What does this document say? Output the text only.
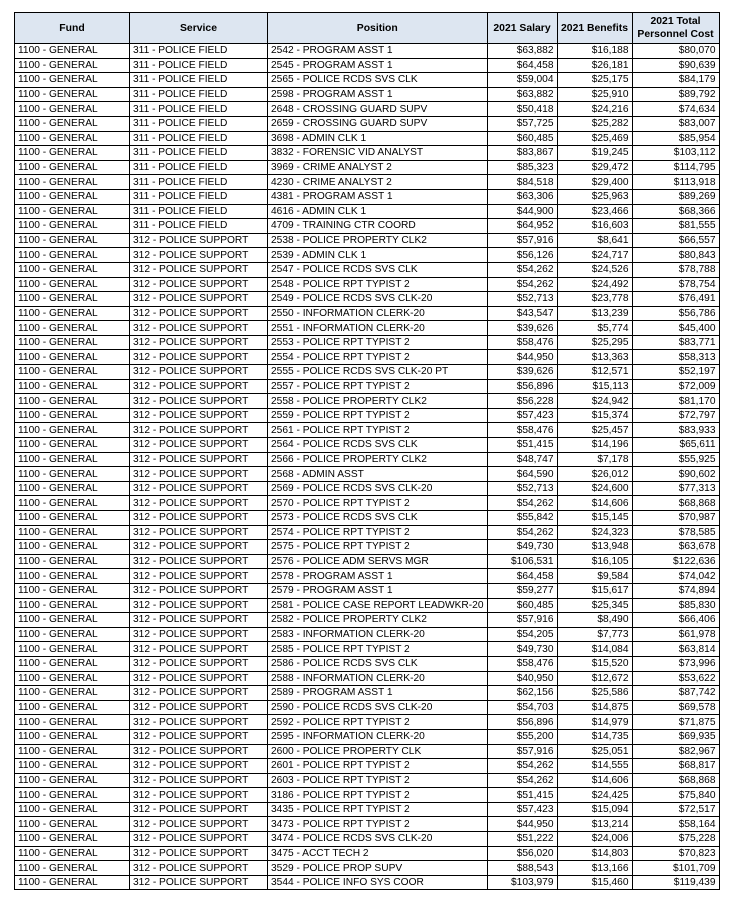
Fund	Service	Position	2021 Salary	2021 Benefits	2021 Total Personnel Cost
1100 - GENERAL	311 - POLICE FIELD	2542 - PROGRAM ASST 1	$63,882	$16,188	$80,070
1100 - GENERAL	311 - POLICE FIELD	2545 - PROGRAM ASST 1	$64,458	$26,181	$90,639
1100 - GENERAL	311 - POLICE FIELD	2565 - POLICE RCDS SVS CLK	$59,004	$25,175	$84,179
1100 - GENERAL	311 - POLICE FIELD	2598 - PROGRAM ASST 1	$63,882	$25,910	$89,792
1100 - GENERAL	311 - POLICE FIELD	2648 - CROSSING GUARD SUPV	$50,418	$24,216	$74,634
1100 - GENERAL	311 - POLICE FIELD	2659 - CROSSING GUARD SUPV	$57,725	$25,282	$83,007
1100 - GENERAL	311 - POLICE FIELD	3698 - ADMIN CLK 1	$60,485	$25,469	$85,954
1100 - GENERAL	311 - POLICE FIELD	3832 - FORENSIC VID ANALYST	$83,867	$19,245	$103,112
1100 - GENERAL	311 - POLICE FIELD	3969 - CRIME ANALYST 2	$85,323	$29,472	$114,795
1100 - GENERAL	311 - POLICE FIELD	4230 - CRIME ANALYST 2	$84,518	$29,400	$113,918
1100 - GENERAL	311 - POLICE FIELD	4381 - PROGRAM ASST 1	$63,306	$25,963	$89,269
1100 - GENERAL	311 - POLICE FIELD	4616 - ADMIN CLK 1	$44,900	$23,466	$68,366
1100 - GENERAL	311 - POLICE FIELD	4709 - TRAINING CTR COORD	$64,952	$16,603	$81,555
1100 - GENERAL	312 - POLICE SUPPORT	2538 - POLICE PROPERTY CLK2	$57,916	$8,641	$66,557
1100 - GENERAL	312 - POLICE SUPPORT	2539 - ADMIN CLK 1	$56,126	$24,717	$80,843
1100 - GENERAL	312 - POLICE SUPPORT	2547 - POLICE RCDS SVS CLK	$54,262	$24,526	$78,788
1100 - GENERAL	312 - POLICE SUPPORT	2548 - POLICE RPT TYPIST 2	$54,262	$24,492	$78,754
1100 - GENERAL	312 - POLICE SUPPORT	2549 - POLICE RCDS SVS CLK-20	$52,713	$23,778	$76,491
1100 - GENERAL	312 - POLICE SUPPORT	2550 - INFORMATION CLERK-20	$43,547	$13,239	$56,786
1100 - GENERAL	312 - POLICE SUPPORT	2551 - INFORMATION CLERK-20	$39,626	$5,774	$45,400
1100 - GENERAL	312 - POLICE SUPPORT	2553 - POLICE RPT TYPIST 2	$58,476	$25,295	$83,771
1100 - GENERAL	312 - POLICE SUPPORT	2554 - POLICE RPT TYPIST 2	$44,950	$13,363	$58,313
1100 - GENERAL	312 - POLICE SUPPORT	2555 - POLICE RCDS SVS CLK-20 PT	$39,626	$12,571	$52,197
1100 - GENERAL	312 - POLICE SUPPORT	2557 - POLICE RPT TYPIST 2	$56,896	$15,113	$72,009
1100 - GENERAL	312 - POLICE SUPPORT	2558 - POLICE PROPERTY CLK2	$56,228	$24,942	$81,170
1100 - GENERAL	312 - POLICE SUPPORT	2559 - POLICE RPT TYPIST 2	$57,423	$15,374	$72,797
1100 - GENERAL	312 - POLICE SUPPORT	2561 - POLICE RPT TYPIST 2	$58,476	$25,457	$83,933
1100 - GENERAL	312 - POLICE SUPPORT	2564 - POLICE RCDS SVS CLK	$51,415	$14,196	$65,611
1100 - GENERAL	312 - POLICE SUPPORT	2566 - POLICE PROPERTY CLK2	$48,747	$7,178	$55,925
1100 - GENERAL	312 - POLICE SUPPORT	2568 - ADMIN ASST	$64,590	$26,012	$90,602
1100 - GENERAL	312 - POLICE SUPPORT	2569 - POLICE RCDS SVS CLK-20	$52,713	$24,600	$77,313
1100 - GENERAL	312 - POLICE SUPPORT	2570 - POLICE RPT TYPIST 2	$54,262	$14,606	$68,868
1100 - GENERAL	312 - POLICE SUPPORT	2573 - POLICE RCDS SVS CLK	$55,842	$15,145	$70,987
1100 - GENERAL	312 - POLICE SUPPORT	2574 - POLICE RPT TYPIST 2	$54,262	$24,323	$78,585
1100 - GENERAL	312 - POLICE SUPPORT	2575 - POLICE RPT TYPIST 2	$49,730	$13,948	$63,678
1100 - GENERAL	312 - POLICE SUPPORT	2576 - POLICE ADM SERVS MGR	$106,531	$16,105	$122,636
1100 - GENERAL	312 - POLICE SUPPORT	2578 - PROGRAM ASST 1	$64,458	$9,584	$74,042
1100 - GENERAL	312 - POLICE SUPPORT	2579 - PROGRAM ASST 1	$59,277	$15,617	$74,894
1100 - GENERAL	312 - POLICE SUPPORT	2581 - POLICE CASE REPORT LEADWKR-20	$60,485	$25,345	$85,830
1100 - GENERAL	312 - POLICE SUPPORT	2582 - POLICE PROPERTY CLK2	$57,916	$8,490	$66,406
1100 - GENERAL	312 - POLICE SUPPORT	2583 - INFORMATION CLERK-20	$54,205	$7,773	$61,978
1100 - GENERAL	312 - POLICE SUPPORT	2585 - POLICE RPT TYPIST 2	$49,730	$14,084	$63,814
1100 - GENERAL	312 - POLICE SUPPORT	2586 - POLICE RCDS SVS CLK	$58,476	$15,520	$73,996
1100 - GENERAL	312 - POLICE SUPPORT	2588 - INFORMATION CLERK-20	$40,950	$12,672	$53,622
1100 - GENERAL	312 - POLICE SUPPORT	2589 - PROGRAM ASST 1	$62,156	$25,586	$87,742
1100 - GENERAL	312 - POLICE SUPPORT	2590 - POLICE RCDS SVS CLK-20	$54,703	$14,875	$69,578
1100 - GENERAL	312 - POLICE SUPPORT	2592 - POLICE RPT TYPIST 2	$56,896	$14,979	$71,875
1100 - GENERAL	312 - POLICE SUPPORT	2595 - INFORMATION CLERK-20	$55,200	$14,735	$69,935
1100 - GENERAL	312 - POLICE SUPPORT	2600 - POLICE PROPERTY CLK	$57,916	$25,051	$82,967
1100 - GENERAL	312 - POLICE SUPPORT	2601 - POLICE RPT TYPIST 2	$54,262	$14,555	$68,817
1100 - GENERAL	312 - POLICE SUPPORT	2603 - POLICE RPT TYPIST 2	$54,262	$14,606	$68,868
1100 - GENERAL	312 - POLICE SUPPORT	3186 - POLICE RPT TYPIST 2	$51,415	$24,425	$75,840
1100 - GENERAL	312 - POLICE SUPPORT	3435 - POLICE RPT TYPIST 2	$57,423	$15,094	$72,517
1100 - GENERAL	312 - POLICE SUPPORT	3473 - POLICE RPT TYPIST 2	$44,950	$13,214	$58,164
1100 - GENERAL	312 - POLICE SUPPORT	3474 - POLICE RCDS SVS CLK-20	$51,222	$24,006	$75,228
1100 - GENERAL	312 - POLICE SUPPORT	3475 - ACCT TECH 2	$56,020	$14,803	$70,823
1100 - GENERAL	312 - POLICE SUPPORT	3529 - POLICE PROP SUPV	$88,543	$13,166	$101,709
1100 - GENERAL	312 - POLICE SUPPORT	3544 - POLICE INFO SYS COOR	$103,979	$15,460	$119,439
